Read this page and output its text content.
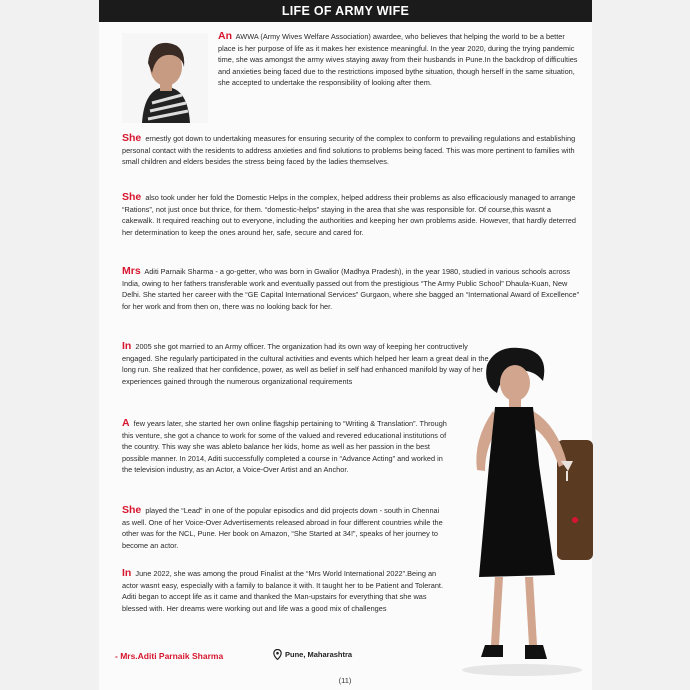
LIFE OF ARMY WIFE

An AWWA (Army Wives Welfare Association) awardee, who believes that helping the world to be a better place is her purpose of life as it makes her existence meaningful. In the year 2020, during the trying pandemic time, she was amongst the army wives staying away from their husbands in Pune.In the backdrop of difficulties and anxieties being faced due to the restrictions imposed bythe situation, though herself in the same situation, she accepted to undertake the responsibility of looking after them.

She ernestly got down to undertaking measures for ensuring security of the complex to conform to prevailing regulations and establishing personal contact with the residents to address anxieties and find solutions to problems being faced. This was more pertinent to families with small children and elders besides the stress being faced by the ladies themselves.

She also took under her fold the Domestic Helps in the complex, helped address their problems as also efficaciously managed to arrange “Rations”, not just once but thrice, for them. “domestic-helps” staying in the area that she was responsible for. Of course,this wasnt a cakewalk. It required reaching out to everyone, including the authorities and keeping her own problems aside. However, that hardly deterred her determination to keep the ones around her, safe, secure and cared for.

Mrs Aditi Parnaik Sharma - a go-getter, who was born in Gwalior (Madhya Pradesh), in the year 1980, studied in various schools across India, owing to her fathers transferable work and eventually passed out from the prestigious “The Army Public School” Dhaula-Kuan, New Delhi. She started her career with the “GE Capital International Services” Gurgaon, where she bagged an “International Award of Excellence” for her work and from then on, there was no looking back for her.

In 2005 she got married to an Army officer. The organization had its own way of keeping her contructively engaged. She regularly participated in the cultural activities and events which helped her learn a great deal in the long run. She realized that her confidence, power, as well as belief in self had enhanced manifold by way of her experiences gained through the numerous organizational requirements

A few years later, she started her own online flagship pertaining to “Writing & Translation”. Through this venture, she got a chance to work for some of the valued and revered educational institutions of the country. This way she was ableto balance her kids, home as well as her passion in the best possible manner. In 2014, Aditi successfully completed a course in “Advance Acting” and worked in the television industry, as an Actor, a Voice-Over Artist and an Anchor.

She played the “Lead” in one of the popular episodics and did projects down - south in Chennai as well. One of her Voice-Over Advertisements released abroad in four different countries while the other was for the NCL, Pune. Her book on Amazon, “She Started at 34!”, speaks of her journey to become an actor.

In June 2022, she was among the proud Finalist at the “Mrs World International 2022”.Being an actor wasnt easy, especially with a family to balance it with. It taught her to be Patient and Tolerant. Aditi began to accept life as it came and thanked the Man-upstairs for everything that she was blessed with. Her dreams were working out and life was a good mix of challenges

- Mrs.Aditi Parnaik Sharma	Pune, Maharashtra
(11)
